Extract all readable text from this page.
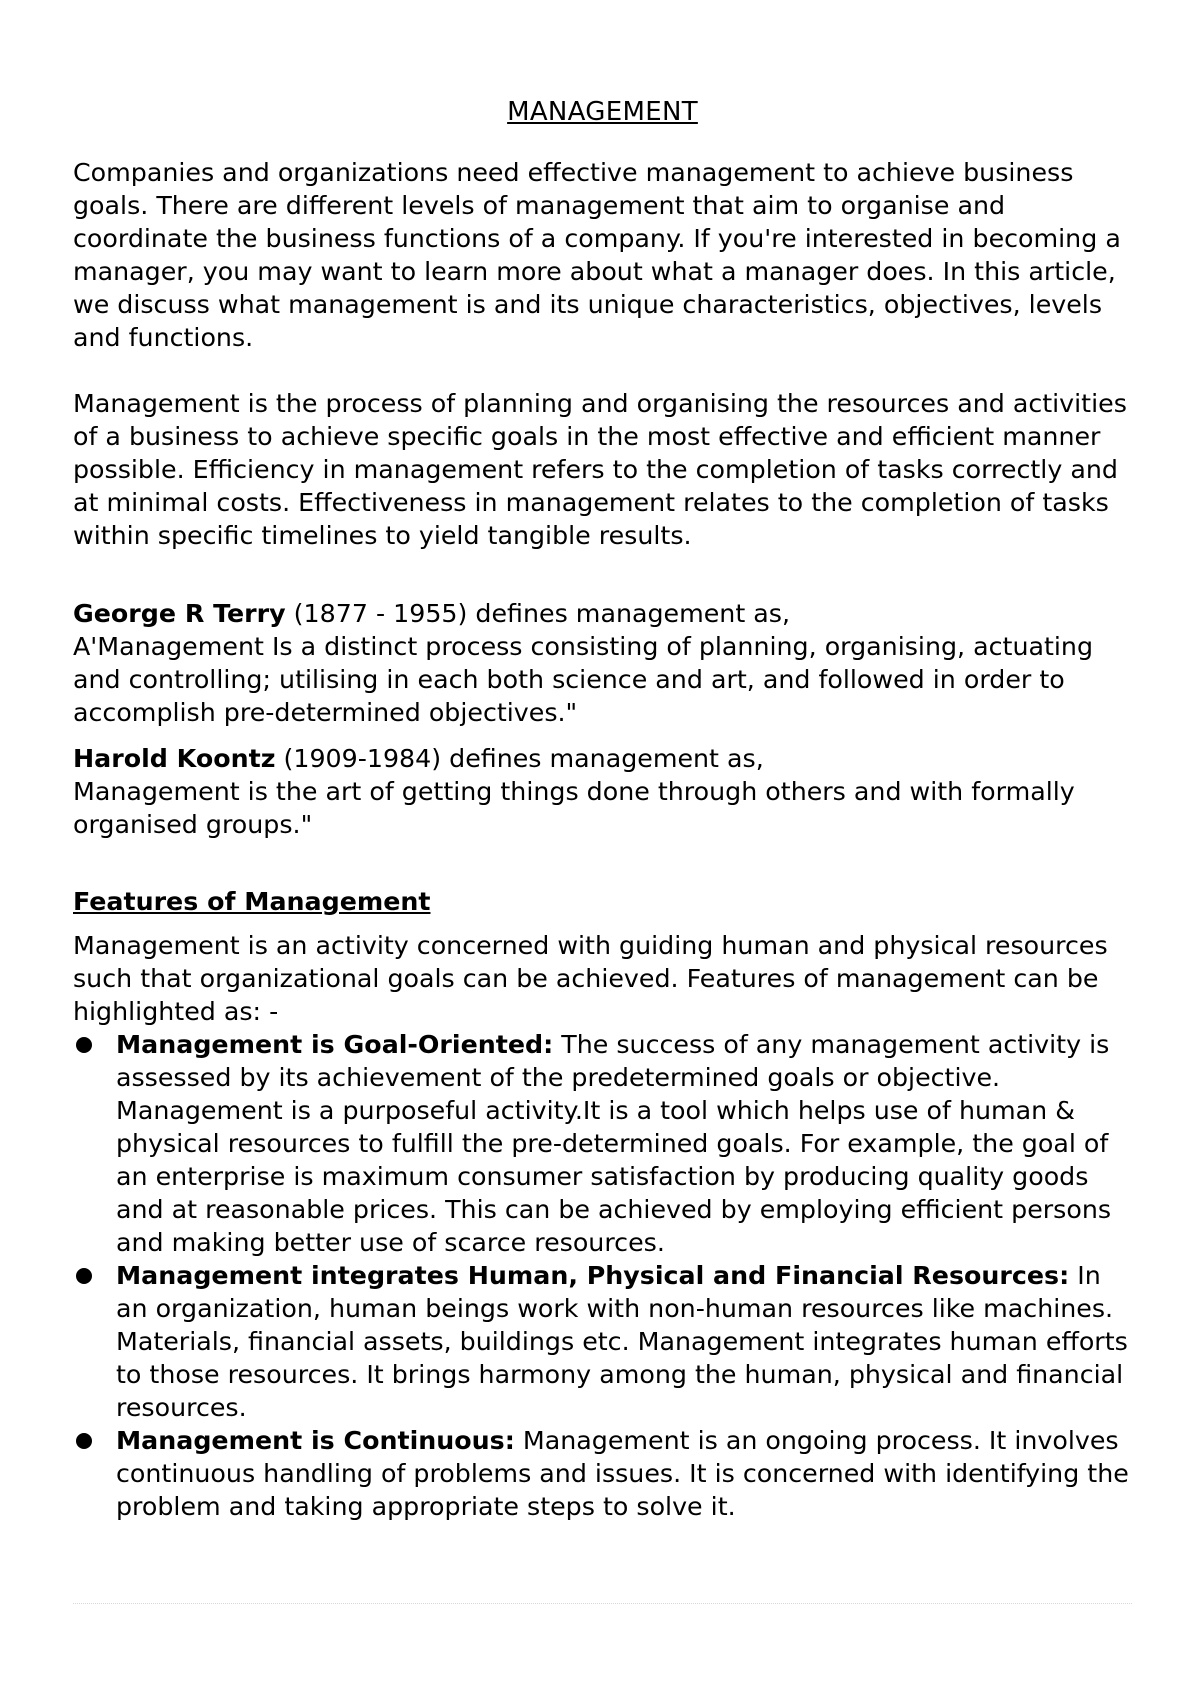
MANAGEMENT

Companies and organizations need effective management to achieve business goals. There are different levels of management that aim to organise and coordinate the business functions of a company. If you're interested in becoming a manager, you may want to learn more about what a manager does. In this article, we discuss what management is and its unique characteristics, objectives, levels and functions.

Management is the process of planning and organising the resources and activities of a business to achieve specific goals in the most effective and efficient manner possible. Efficiency in management refers to the completion of tasks correctly and at minimal costs. Effectiveness in management relates to the completion of tasks within specific timelines to yield tangible results.

George R Terry (1877 - 1955) defines management as,
A'Management Is a distinct process consisting of planning, organising, actuating and controlling; utilising in each both science and art, and followed in order to accomplish pre-determined objectives."

Harold Koontz (1909-1984) defines management as,
Management is the art of getting things done through others and with formally organised groups."

Features of Management

Management is an activity concerned with guiding human and physical resources such that organizational goals can be achieved. Features of management can be highlighted as: -

Management is Goal-Oriented: The success of any management activity is assessed by its achievement of the predetermined goals or objective. Management is a purposeful activity.It is a tool which helps use of human & physical resources to fulfill the pre-determined goals. For example, the goal of an enterprise is maximum consumer satisfaction by producing quality goods and at reasonable prices. This can be achieved by employing efficient persons and making better use of scarce resources.
Management integrates Human, Physical and Financial Resources: In an organization, human beings work with non-human resources like machines. Materials, financial assets, buildings etc. Management integrates human efforts to those resources. It brings harmony among the human, physical and financial resources.
Management is Continuous: Management is an ongoing process. It involves continuous handling of problems and issues. It is concerned with identifying the problem and taking appropriate steps to solve it.
